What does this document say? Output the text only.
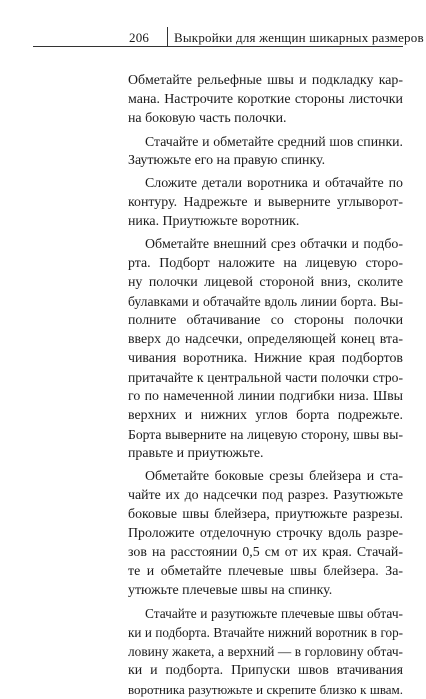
206 Выкройки для женщин шикарных размеров
Обметайте рельефные швы и подкладку кар-
мана. Настрочите короткие стороны листочки
на боковую часть полочки.
Стачайте и обметайте средний шов спинки.
Заутюжьте его на правую спинку.
Сложите детали воротника и обтачайте по
контуру. Надрежьте и выверните углыворот-
ника. Приутюжьте воротник.
Обметайте внешний срез обтачки и подбо-
рта. Подборт наложите на лицевую сторо-
ну полочки лицевой стороной вниз, сколите
булавками и обтачайте вдоль линии борта. Вы-
полните обтачивание со стороны полочки
вверх до надсечки, определяющей конец вта-
чивания воротника. Нижние края подбортов
притачайте к центральной части полочки стро-
го по намеченной линии подгибки низа. Швы
верхних и нижних углов борта подрежьте.
Борта выверните на лицевую сторону, швы вы-
правьте и приутюжьте.
Обметайте боковые срезы блейзера и ста-
чайте их до надсечки под разрез. Разутюжьте
боковые швы блейзера, приутюжьте разрезы.
Проложите отделочную строчку вдоль разре-
зов на расстоянии 0,5 см от их края. Стачай-
те и обметайте плечевые швы блейзера. За-
утюжьте плечевые швы на спинку.
Стачайте и разутюжьте плечевые швы обтач-
ки и подборта. Втачайте нижний воротник в гор-
ловину жакета, а верхний — в горловину обтач-
ки и подборта. Припуски швов втачивания
воротника разутюжьте и скрепите близко к швам.
